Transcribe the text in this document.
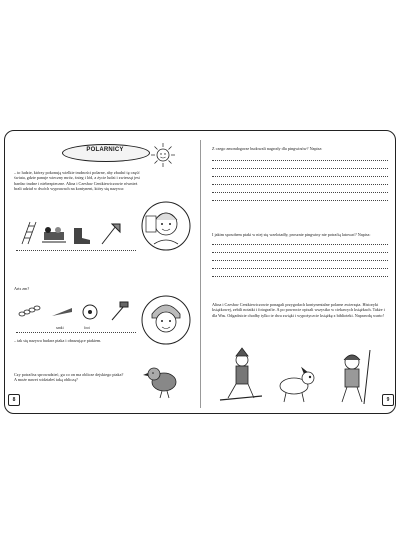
POLARNICY

– to ludzie, którzy pokonują wielkie trudności polarne, aby zbadać tę część świata, gdzie panuje wieczny mróz, śnieg i lód, a życie ludzi i zwierząt jest bardzo trudne i niebezpieczne. Alina i Czesław Centkiewiczowie również brali udział w dwóch wyprawach na kontynent, który się nazywa:

Arts zm?

sanki	fooi

– tak się nazywa budarz ptaka i obrazujące ptakiem.

Czy potrafisz sprowadzieć, gu co on ma oblicze dejskiego ptaka? A może nawet widziałeś taką obliczą?

8

Z czego zmondogorze budowali nagrody dla pingwinów? Napisz:

I jakim sposobem ptaki w niej się wzelotadły, prosznie pingwiny nie potrafią latować? Napisz:

Alina i Czesław Centkiewiczowie ponagali przygodach kontynentalne polarne zwierzęta. Historyki książkowej, zebili notatki i fotografie. A po powrocie opisali wszystko w ciekawych książkach. Także i dla Was. Odgadnicie chodby tylko te dwa zwiąki i wypożyczcie książkę z biblioteki. Naprawdę warto!

9
